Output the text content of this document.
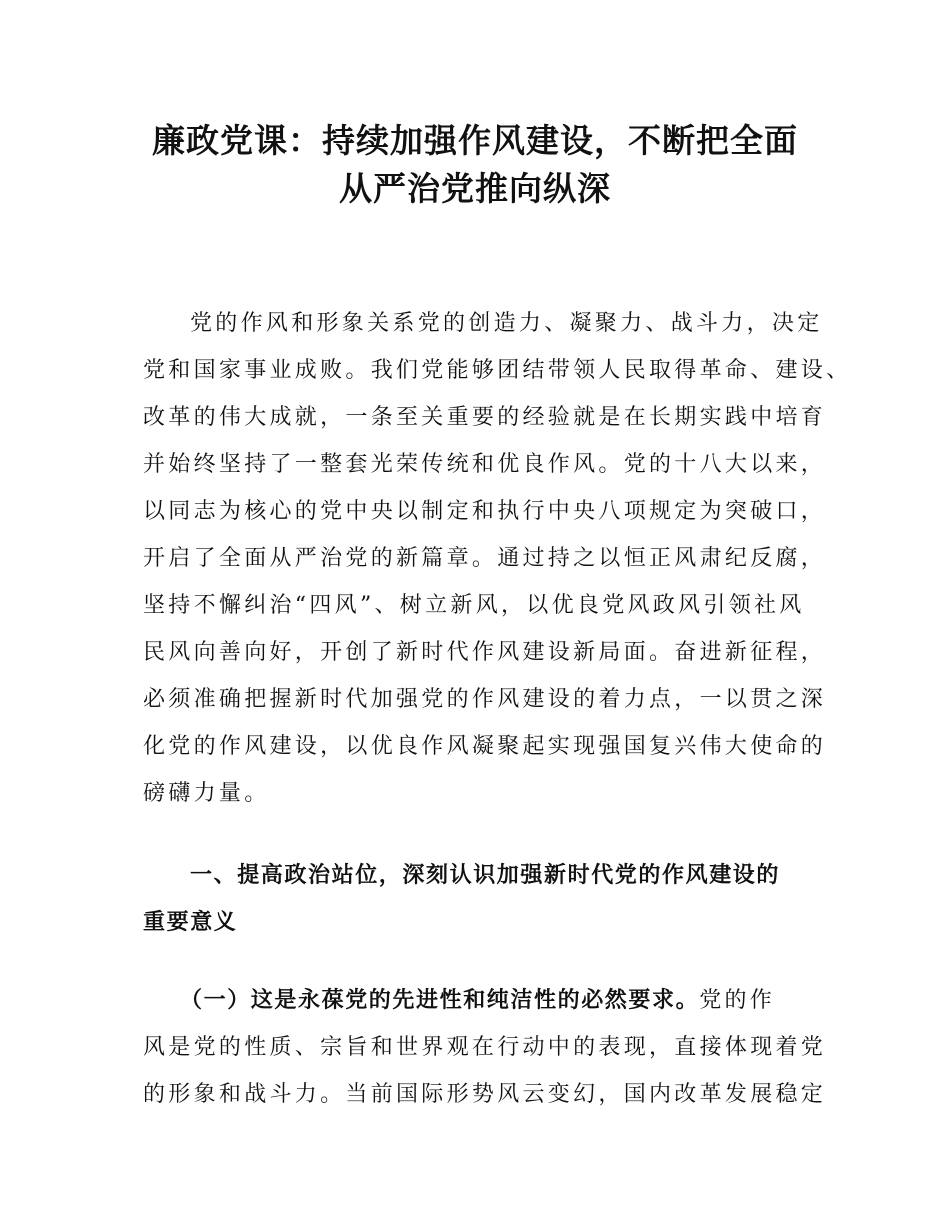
廉政党课：持续加强作风建设，不断把全面
从严治党推向纵深

党的作风和形象关系党的创造力、凝聚力、战斗力，决定

党和国家事业成败。我们党能够团结带领人民取得革命、建设、

改革的伟大成就，一条至关重要的经验就是在长期实践中培育

并始终坚持了一整套光荣传统和优良作风。党的十八大以来，

以同志为核心的党中央以制定和执行中央八项规定为突破口，

开启了全面从严治党的新篇章。通过持之以恒正风肃纪反腐，

坚持不懈纠治“四风”、树立新风，以优良党风政风引领社风

民风向善向好，开创了新时代作风建设新局面。奋进新征程，

必须准确把握新时代加强党的作风建设的着力点，一以贯之深

化党的作风建设，以优良作风凝聚起实现强国复兴伟大使命的

磅礴力量。

一、提高政治站位，深刻认识加强新时代党的作风建设的

重要意义

（一）这是永葆党的先进性和纯洁性的必然要求。党的作

风是党的性质、宗旨和世界观在行动中的表现，直接体现着党

的形象和战斗力。当前国际形势风云变幻，国内改革发展稳定
